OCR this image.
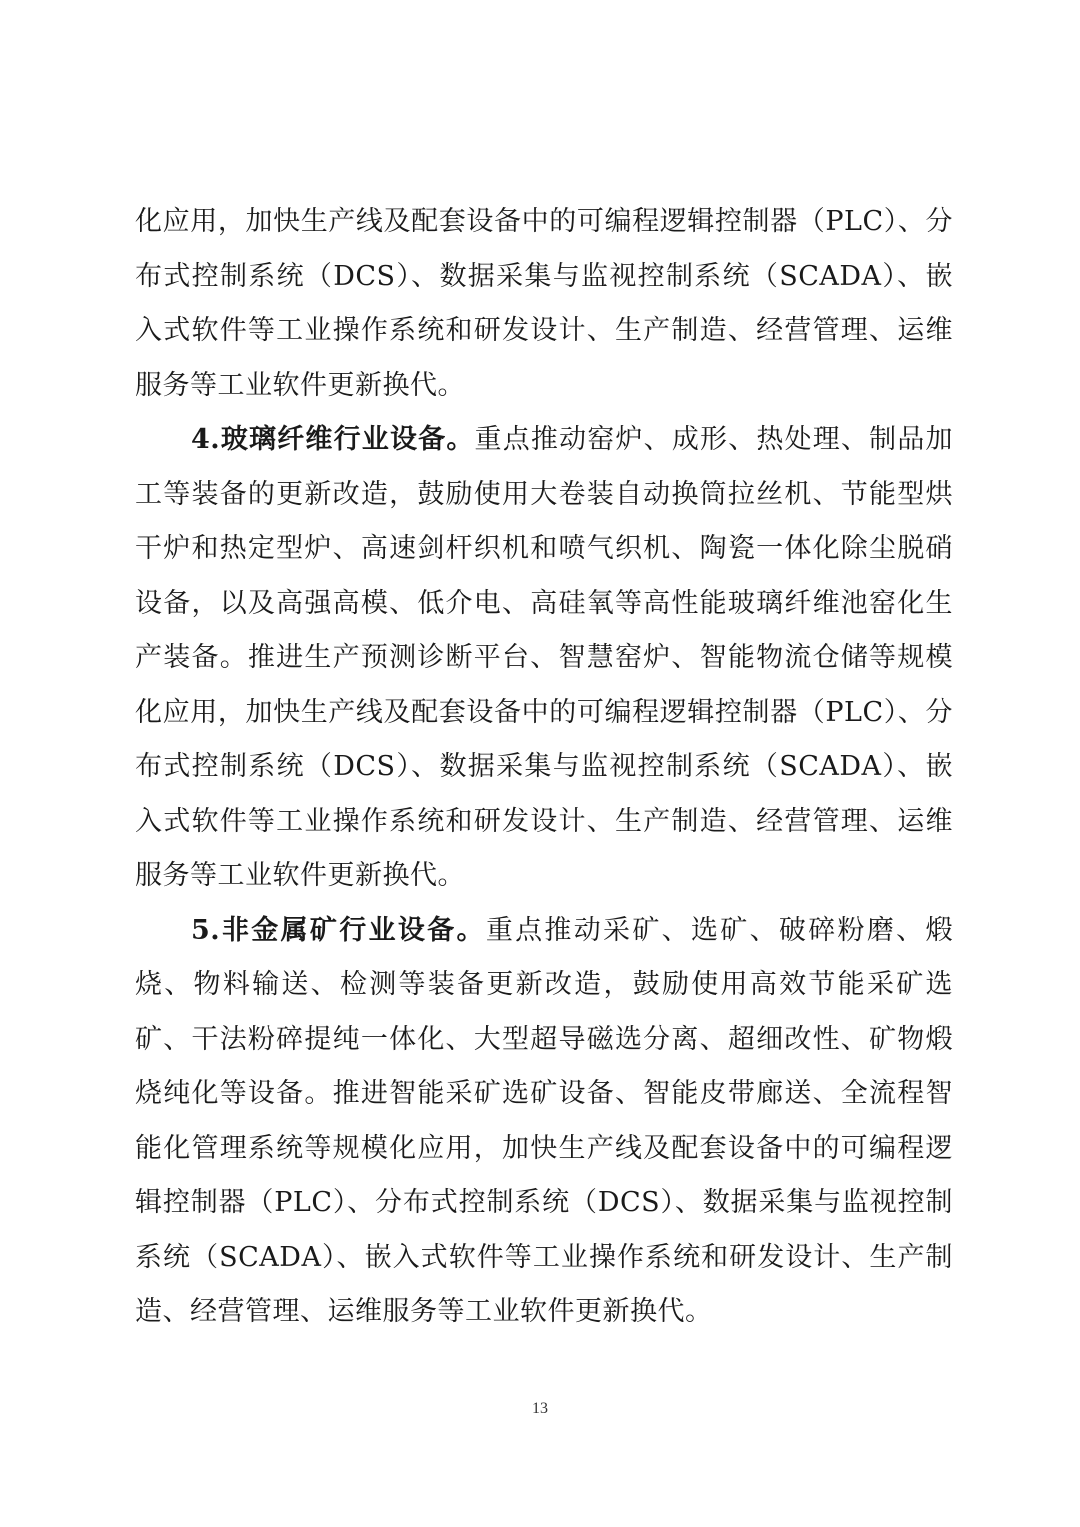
化应用，加快生产线及配套设备中的可编程逻辑控制器（PLC）、分布式控制系统（DCS）、数据采集与监视控制系统（SCADA）、嵌入式软件等工业操作系统和研发设计、生产制造、经营管理、运维服务等工业软件更新换代。

4.玻璃纤维行业设备。重点推动窑炉、成形、热处理、制品加工等装备的更新改造，鼓励使用大卷装自动换筒拉丝机、节能型烘干炉和热定型炉、高速剑杆织机和喷气织机、陶瓷一体化除尘脱硝设备，以及高强高模、低介电、高硅氧等高性能玻璃纤维池窑化生产装备。推进生产预测诊断平台、智慧窑炉、智能物流仓储等规模化应用，加快生产线及配套设备中的可编程逻辑控制器（PLC）、分布式控制系统（DCS）、数据采集与监视控制系统（SCADA）、嵌入式软件等工业操作系统和研发设计、生产制造、经营管理、运维服务等工业软件更新换代。

5.非金属矿行业设备。重点推动采矿、选矿、破碎粉磨、煅烧、物料输送、检测等装备更新改造，鼓励使用高效节能采矿选矿、干法粉碎提纯一体化、大型超导磁选分离、超细改性、矿物煅烧纯化等设备。推进智能采矿选矿设备、智能皮带廊送、全流程智能化管理系统等规模化应用，加快生产线及配套设备中的可编程逻辑控制器（PLC）、分布式控制系统（DCS）、数据采集与监视控制系统（SCADA）、嵌入式软件等工业操作系统和研发设计、生产制造、经营管理、运维服务等工业软件更新换代。

13
